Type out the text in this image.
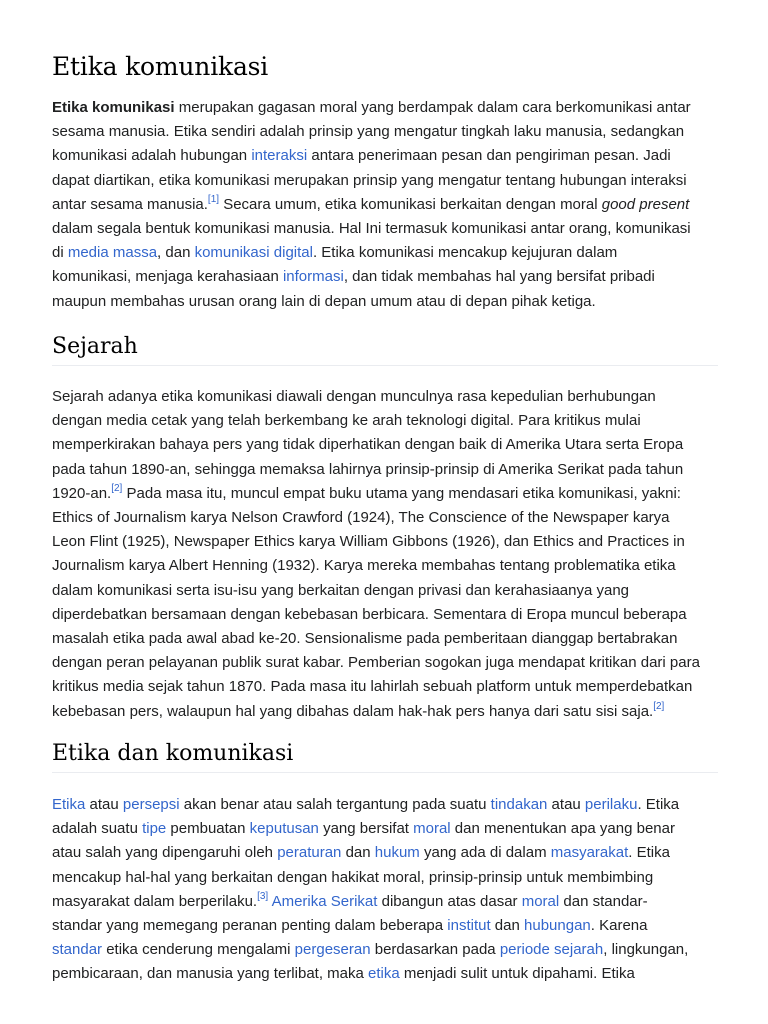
Etika komunikasi

Etika komunikasi merupakan gagasan moral yang berdampak dalam cara berkomunikasi antar
sesama manusia. Etika sendiri adalah prinsip yang mengatur tingkah laku manusia, sedangkan
komunikasi adalah hubungan interaksi antara penerimaan pesan dan pengiriman pesan. Jadi
dapat diartikan, etika komunikasi merupakan prinsip yang mengatur tentang hubungan interaksi
antar sesama manusia.[1] Secara umum, etika komunikasi berkaitan dengan moral good present
dalam segala bentuk komunikasi manusia. Hal Ini termasuk komunikasi antar orang, komunikasi
di media massa, dan komunikasi digital. Etika komunikasi mencakup kejujuran dalam
komunikasi, menjaga kerahasiaan informasi, dan tidak membahas hal yang bersifat pribadi
maupun membahas urusan orang lain di depan umum atau di depan pihak ketiga.

Sejarah

Sejarah adanya etika komunikasi diawali dengan munculnya rasa kepedulian berhubungan
dengan media cetak yang telah berkembang ke arah teknologi digital. Para kritikus mulai
memperkirakan bahaya pers yang tidak diperhatikan dengan baik di Amerika Utara serta Eropa
pada tahun 1890-an, sehingga memaksa lahirnya prinsip-prinsip di Amerika Serikat pada tahun
1920-an.[2] Pada masa itu, muncul empat buku utama yang mendasari etika komunikasi, yakni:
Ethics of Journalism karya Nelson Crawford (1924), The Conscience of the Newspaper karya
Leon Flint (1925), Newspaper Ethics karya William Gibbons (1926), dan Ethics and Practices in
Journalism karya Albert Henning (1932). Karya mereka membahas tentang problematika etika
dalam komunikasi serta isu-isu yang berkaitan dengan privasi dan kerahasiaanya yang
diperdebatkan bersamaan dengan kebebasan berbicara. Sementara di Eropa muncul beberapa
masalah etika pada awal abad ke-20. Sensionalisme pada pemberitaan dianggap bertabrakan
dengan peran pelayanan publik surat kabar. Pemberian sogokan juga mendapat kritikan dari para
kritikus media sejak tahun 1870. Pada masa itu lahirlah sebuah platform untuk memperdebatkan
kebebasan pers, walaupun hal yang dibahas dalam hak-hak pers hanya dari satu sisi saja.[2]

Etika dan komunikasi

Etika atau persepsi akan benar atau salah tergantung pada suatu tindakan atau perilaku. Etika
adalah suatu tipe pembuatan keputusan yang bersifat moral dan menentukan apa yang benar
atau salah yang dipengaruhi oleh peraturan dan hukum yang ada di dalam masyarakat. Etika
mencakup hal-hal yang berkaitan dengan hakikat moral, prinsip-prinsip untuk membimbing
masyarakat dalam berperilaku.[3] Amerika Serikat dibangun atas dasar moral dan standar-
standar yang memegang peranan penting dalam beberapa institut dan hubungan. Karena
standar etika cenderung mengalami pergeseran berdasarkan pada periode sejarah, lingkungan,
pembicaraan, dan manusia yang terlibat, maka etika menjadi sulit untuk dipahami. Etika
